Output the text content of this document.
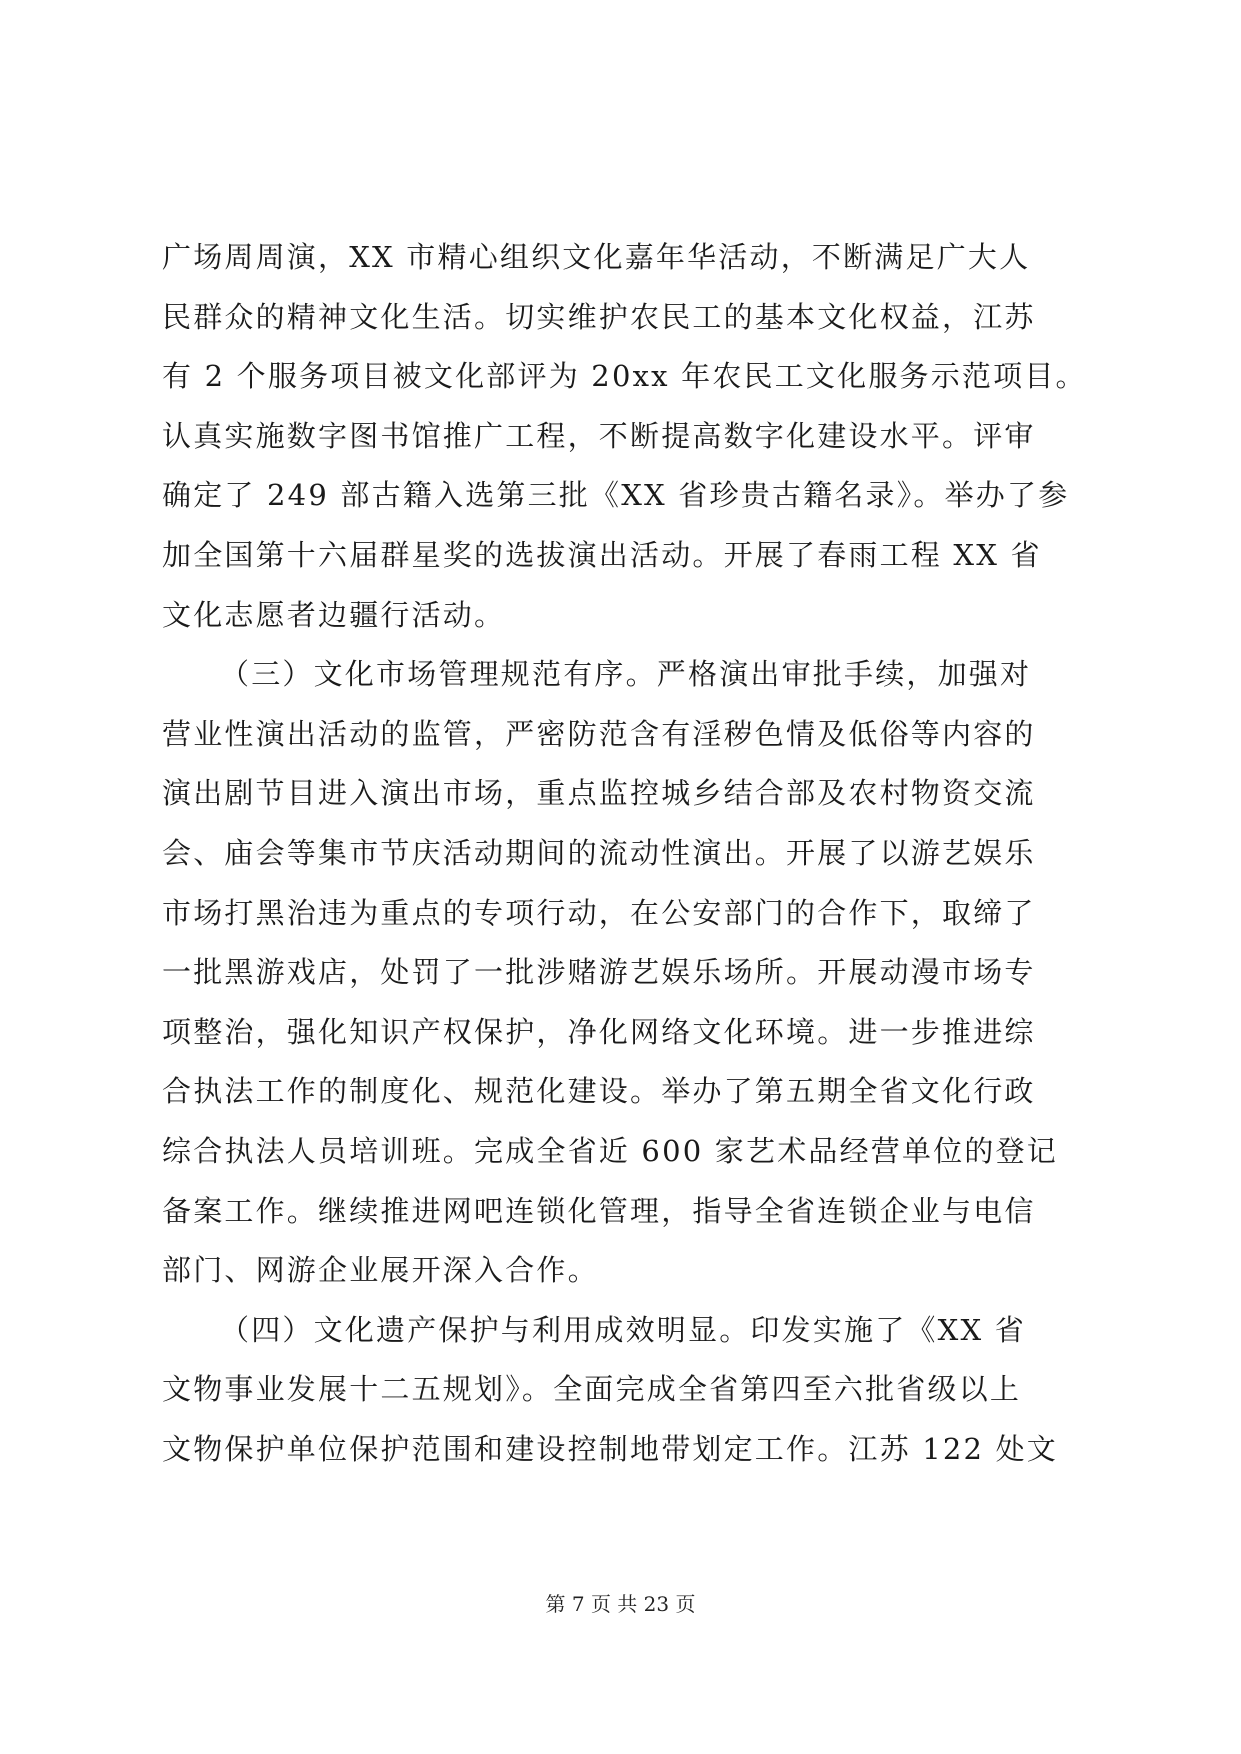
广场周周演，XX 市精心组织文化嘉年华活动，不断满足广大人
民群众的精神文化生活。切实维护农民工的基本文化权益，江苏
有 2 个服务项目被文化部评为 20xx 年农民工文化服务示范项目。
认真实施数字图书馆推广工程，不断提高数字化建设水平。评审
确定了 249 部古籍入选第三批《XX 省珍贵古籍名录》。举办了参
加全国第十六届群星奖的选拔演出活动。开展了春雨工程 XX 省
文化志愿者边疆行活动。
（三）文化市场管理规范有序。严格演出审批手续，加强对
营业性演出活动的监管，严密防范含有淫秽色情及低俗等内容的
演出剧节目进入演出市场，重点监控城乡结合部及农村物资交流
会、庙会等集市节庆活动期间的流动性演出。开展了以游艺娱乐
市场打黑治违为重点的专项行动，在公安部门的合作下，取缔了
一批黑游戏店，处罚了一批涉赌游艺娱乐场所。开展动漫市场专
项整治，强化知识产权保护，净化网络文化环境。进一步推进综
合执法工作的制度化、规范化建设。举办了第五期全省文化行政
综合执法人员培训班。完成全省近 600 家艺术品经营单位的登记
备案工作。继续推进网吧连锁化管理，指导全省连锁企业与电信
部门、网游企业展开深入合作。
（四）文化遗产保护与利用成效明显。印发实施了《XX 省
文物事业发展十二五规划》。全面完成全省第四至六批省级以上
文物保护单位保护范围和建设控制地带划定工作。江苏 122 处文
第 7 页 共 23 页
